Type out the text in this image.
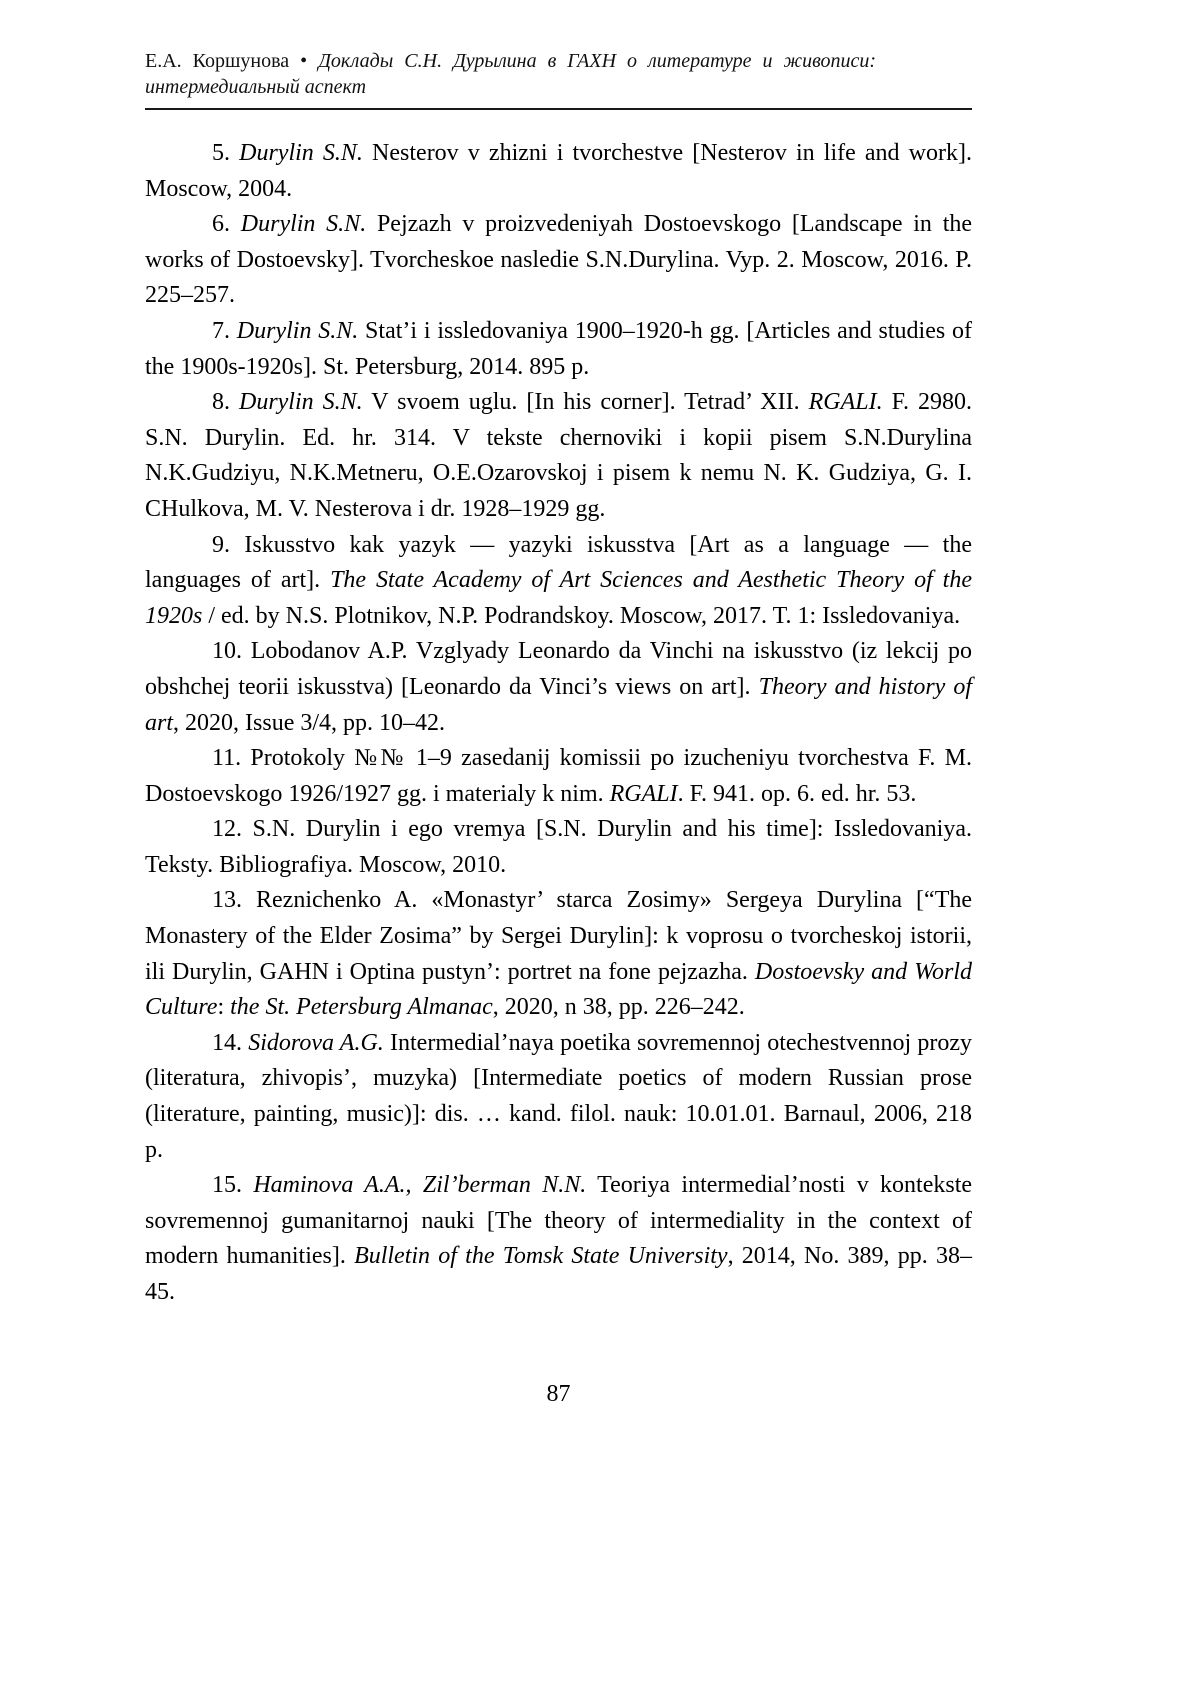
Е.А. Коршунова • Доклады С.Н. Дурылина в ГАХН о литературе и живописи:
интермедиальный аспект

5. Durylin S.N. Nesterov v zhizni i tvorchestve [Nesterov in life and work]. Moscow, 2004.

6. Durylin S.N. Pejzazh v proizvedeniyah Dostoevskogo [Landscape in the works of Dostoevsky]. Tvorcheskoe nasledie S.N.Durylina. Vyp. 2. Moscow, 2016. P. 225–257.

7. Durylin S.N. Stat’i i issledovaniya 1900–1920-h gg. [Articles and studies of the 1900s-1920s]. St. Petersburg, 2014. 895 p.

8. Durylin S.N. V svoem uglu. [In his corner]. Tetrad’ XII. RGALI. F. 2980. S.N. Durylin. Ed. hr. 314. V tekste chernoviki i kopii pisem S.N.Durylina N.K.Gudziyu, N.K.Metneru, O.E.Ozarovskoj i pisem k nemu N. K. Gudziya, G. I. CHulkova, M. V. Nesterova i dr. 1928–1929 gg.

9. Iskusstvo kak yazyk — yazyki iskusstva [Art as a language — the languages of art]. The State Academy of Art Sciences and Aesthetic Theory of the 1920s / ed. by N.S. Plotnikov, N.P. Podrandskoy. Moscow, 2017. T. 1: Issledovaniya.

10. Lobodanov A.P. Vzglyady Leonardo da Vinchi na iskusstvo (iz lekcij po obshchej teorii iskusstva) [Leonardo da Vinci’s views on art]. Theory and history of art, 2020, Issue 3/4, pp. 10–42.

11. Protokoly №№ 1–9 zasedanij komissii po izucheniyu tvorchestva F. M. Dostoevskogo 1926/1927 gg. i materialy k nim. RGALI. F. 941. op. 6. ed. hr. 53.

12. S.N. Durylin i ego vremya [S.N. Durylin and his time]: Issledovaniya. Teksty. Bibliografiya. Moscow, 2010.

13. Reznichenko A. «Monastyr’ starca Zosimy» Sergeya Durylina [“The Monastery of the Elder Zosima” by Sergei Durylin]: k voprosu o tvorcheskoj istorii, ili Durylin, GAHN i Optina pustyn’: portret na fone pejzazha. Dostoevsky and World Culture: the St. Petersburg Almanac, 2020, n 38, pp. 226–242.

14. Sidorova A.G. Intermedial’naya poetika sovremennoj otechestvennoj prozy (literatura, zhivopis’, muzyka) [Intermediate poetics of modern Russian prose (literature, painting, music)]: dis. … kand. filol. nauk: 10.01.01. Barnaul, 2006, 218 p.

15. Haminova A.A., Zil’berman N.N. Teoriya intermedial’nosti v kontekste sovremennoj gumanitarnoj nauki [The theory of intermediality in the context of modern humanities]. Bulletin of the Tomsk State University, 2014, No. 389, pp. 38–45.

87
